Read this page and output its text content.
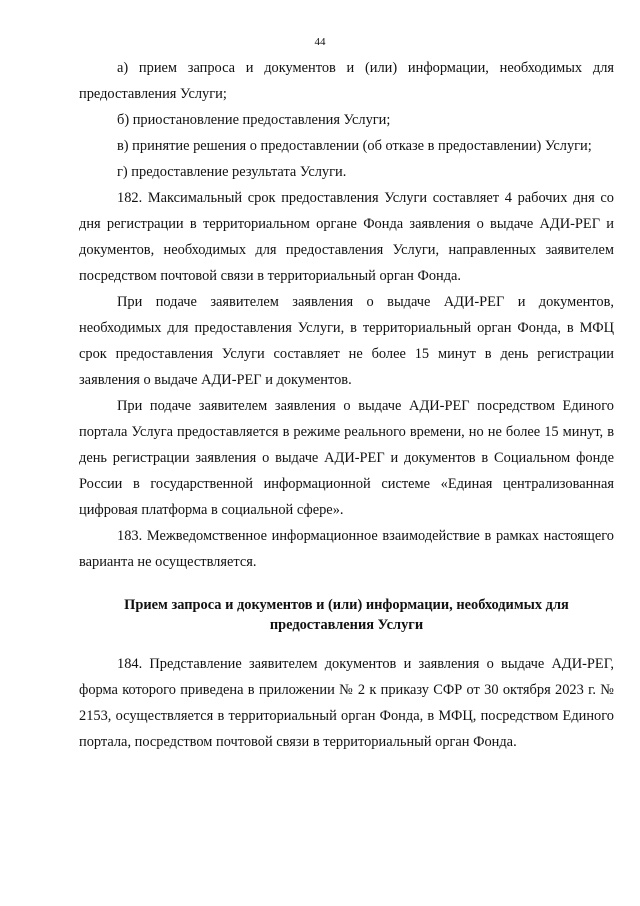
44

а) прием запроса и документов и (или) информации, необходимых для предоставления Услуги;

б) приостановление предоставления Услуги;

в) принятие решения о предоставлении (об отказе в предоставлении) Услуги;

г) предоставление результата Услуги.

182. Максимальный срок предоставления Услуги составляет 4 рабочих дня со дня регистрации в территориальном органе Фонда заявления о выдаче АДИ-РЕГ и документов, необходимых для предоставления Услуги, направленных заявителем посредством почтовой связи в территориальный орган Фонда.

При подаче заявителем заявления о выдаче АДИ-РЕГ и документов, необходимых для предоставления Услуги, в территориальный орган Фонда, в МФЦ срок предоставления Услуги составляет не более 15 минут в день регистрации заявления о выдаче АДИ-РЕГ и документов.

При подаче заявителем заявления о выдаче АДИ-РЕГ посредством Единого портала Услуга предоставляется в режиме реального времени, но не более 15 минут, в день регистрации заявления о выдаче АДИ-РЕГ и документов в Социальном фонде России в государственной информационной системе «Единая централизованная цифровая платформа в социальной сфере».

183. Межведомственное информационное взаимодействие в рамках настоящего варианта не осуществляется.

Прием запроса и документов и (или) информации, необходимых для предоставления Услуги

184. Представление заявителем документов и заявления о выдаче АДИ-РЕГ, форма которого приведена в приложении № 2 к приказу СФР от 30 октября 2023 г. № 2153, осуществляется в территориальный орган Фонда, в МФЦ, посредством Единого портала, посредством почтовой связи в территориальный орган Фонда.
